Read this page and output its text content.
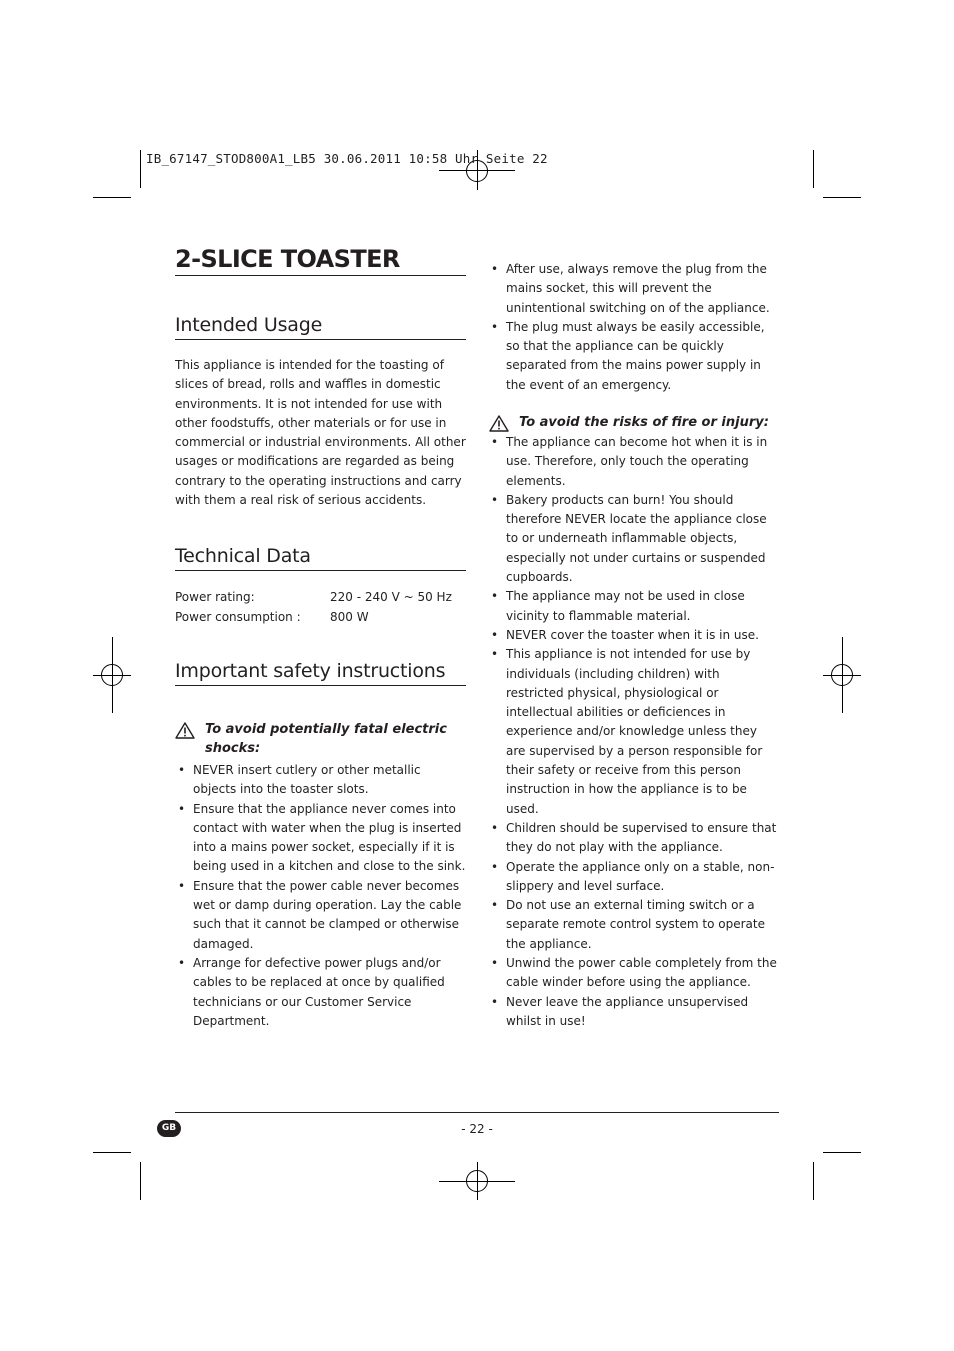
IB_67147_STOD800A1_LB5 30.06.2011 10:58 Uhr Seite 22
2-SLICE TOASTER
Intended Usage

This appliance is intended for the toasting of slices of bread, rolls and waffles in domestic environments. It is not intended for use with other foodstuffs, other materials or for use in commercial or industrial environments. All other usages or modifications are regarded as being contrary to the operating instructions and carry with them a real risk of serious accidents.

Technical Data
Power rating:	220 - 240 V ~ 50 Hz
Power consumption :	800 W
Important safety instructions
To avoid potentially fatal electric shocks:
• NEVER insert cutlery or other metallic objects into the toaster slots.
• Ensure that the appliance never comes into contact with water when the plug is inserted into a mains power socket, especially if it is being used in a kitchen and close to the sink.
• Ensure that the power cable never becomes wet or damp during operation. Lay the cable such that it cannot be clamped or otherwise damaged.
• Arrange for defective power plugs and/or cables to be replaced at once by qualified technicians or our Customer Service Department.
• After use, always remove the plug from the mains socket, this will prevent the unintentional switching on of the appliance.
• The plug must always be easily accessible, so that the appliance can be quickly separated from the mains power supply in the event of an emergency.
To avoid the risks of fire or injury:
• The appliance can become hot when it is in use. Therefore, only touch the operating elements.
• Bakery products can burn! You should therefore NEVER locate the appliance close to or underneath inflammable objects, especially not under curtains or suspended cupboards.
• The appliance may not be used in close vicinity to flammable material.
• NEVER cover the toaster when it is in use.
• This appliance is not intended for use by individuals (including children) with restricted physical, physiological or intellectual abilities or deficiences in experience and/or knowledge unless they are supervised by a person responsible for their safety or receive from this person instruction in how the appliance is to be used.
• Children should be supervised to ensure that they do not play with the appliance.
• Operate the appliance only on a stable, non-slippery and level surface.
• Do not use an external timing switch or a separate remote control system to operate the appliance.
• Unwind the power cable completely from the cable winder before using the appliance.
• Never leave the appliance unsupervised whilst in use!
GB	- 22 -
